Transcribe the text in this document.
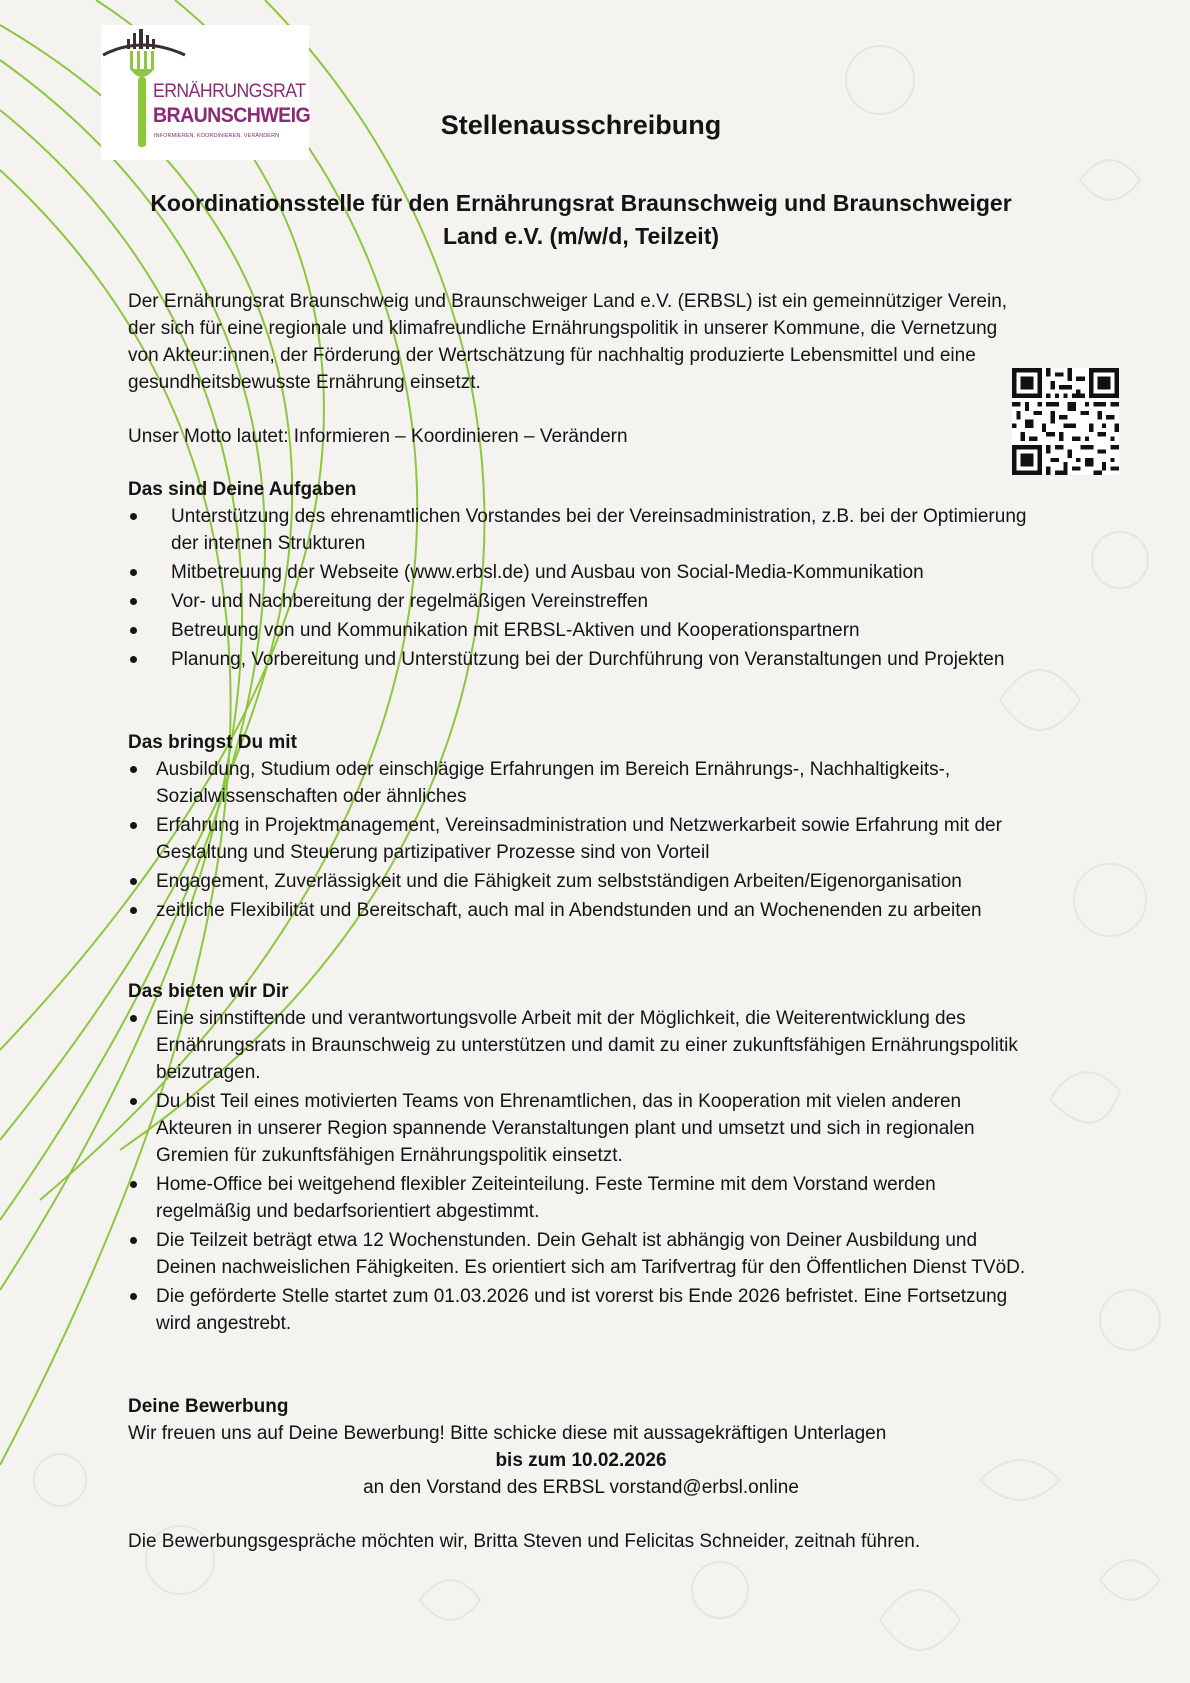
ERNÄHRUNGSRAT
BRAUNSCHWEIG
INFORMIEREN. KOORDINIEREN. VERÄNDERN	Stellenausschreibung
Koordinationsstelle für den Ernährungsrat Braunschweig und Braunschweiger
Land e.V. (m/w/d, Teilzeit)

Der Ernährungsrat Braunschweig und Braunschweiger Land e.V. (ERBSL) ist ein gemeinnütziger Verein, der sich für eine regionale und klimafreundliche Ernährungspolitik in unserer Kommune, die Vernetzung von Akteur:innen, der Förderung der Wertschätzung für nachhaltig produzierte Lebensmittel und eine gesundheitsbewusste Ernährung einsetzt.

Unser Motto lautet: Informieren – Koordinieren – Verändern

Das sind Deine Aufgaben

Unterstützung des ehrenamtlichen Vorstandes bei der Vereinsadministration, z.B. bei der Optimierung der internen Strukturen
Mitbetreuung der Webseite (www.erbsl.de) und Ausbau von Social-Media-Kommunikation
Vor- und Nachbereitung der regelmäßigen Vereinstreffen
Betreuung von und Kommunikation mit ERBSL-Aktiven und Kooperationspartnern
Planung, Vorbereitung und Unterstützung bei der Durchführung von Veranstaltungen und Projekten

Das bringst Du mit

Ausbildung, Studium oder einschlägige Erfahrungen im Bereich Ernährungs-, Nachhaltigkeits-, Sozialwissenschaften oder ähnliches
Erfahrung in Projektmanagement, Vereinsadministration und Netzwerkarbeit sowie Erfahrung mit der Gestaltung und Steuerung partizipativer Prozesse sind von Vorteil
Engagement, Zuverlässigkeit und die Fähigkeit zum selbstständigen Arbeiten/Eigenorganisation
zeitliche Flexibilität und Bereitschaft, auch mal in Abendstunden und an Wochenenden zu arbeiten

Das bieten wir Dir

Eine sinnstiftende und verantwortungsvolle Arbeit mit der Möglichkeit, die Weiterentwicklung des Ernährungsrats in Braunschweig zu unterstützen und damit zu einer zukunftsfähigen Ernährungspolitik beizutragen.
Du bist Teil eines motivierten Teams von Ehrenamtlichen, das in Kooperation mit vielen anderen Akteuren in unserer Region spannende Veranstaltungen plant und umsetzt und sich in regionalen Gremien für zukunftsfähigen Ernährungspolitik einsetzt.
Home-Office bei weitgehend flexibler Zeiteinteilung. Feste Termine mit dem Vorstand werden regelmäßig und bedarfsorientiert abgestimmt.
Die Teilzeit beträgt etwa 12 Wochenstunden. Dein Gehalt ist abhängig von Deiner Ausbildung und Deinen nachweislichen Fähigkeiten. Es orientiert sich am Tarifvertrag für den Öffentlichen Dienst TVöD.
Die geförderte Stelle startet zum 01.03.2026 und ist vorerst bis Ende 2026 befristet. Eine Fortsetzung wird angestrebt.

Deine Bewerbung

Wir freuen uns auf Deine Bewerbung! Bitte schicke diese mit aussagekräftigen Unterlagen

bis zum 10.02.2026

an den Vorstand des ERBSL vorstand@erbsl.online

Die Bewerbungsgespräche möchten wir, Britta Steven und Felicitas Schneider, zeitnah führen.
